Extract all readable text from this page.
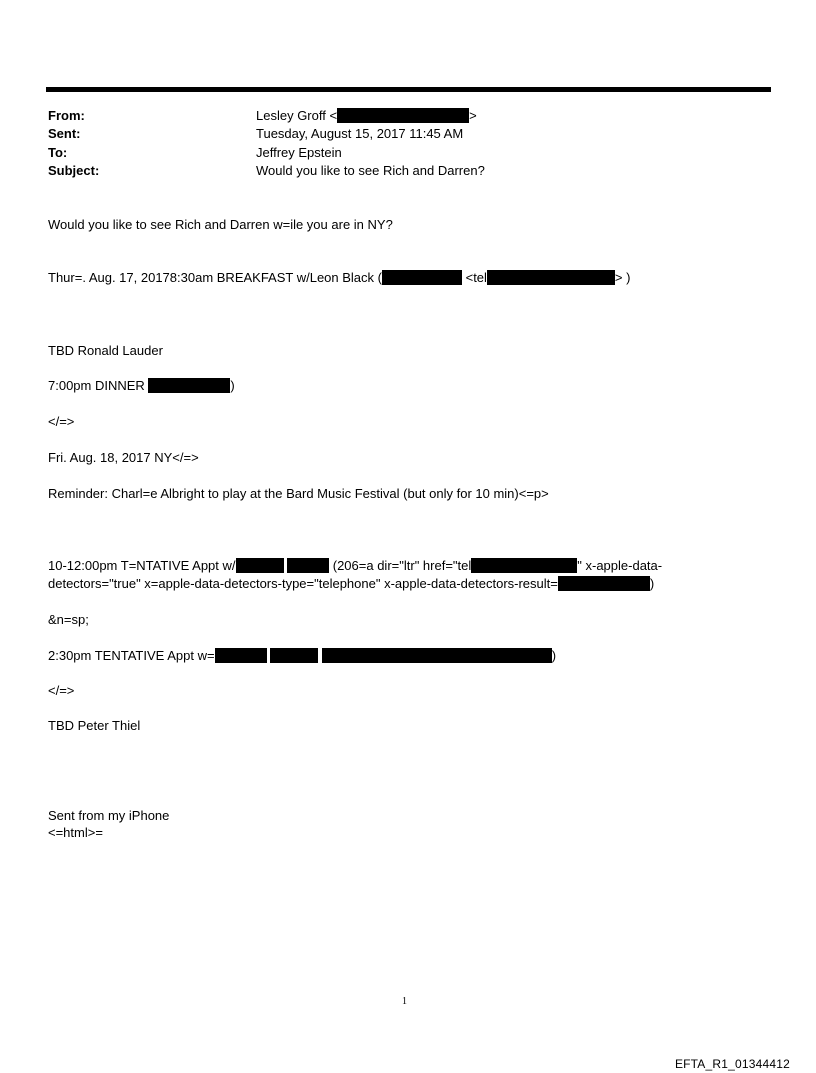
From:	Lesley Groff <	>
Sent:	Tuesday, August 15, 2017 11:45 AM
To:	Jeffrey Epstein
Subject:	Would you like to see Rich and Darren?
Would you like to see Rich and Darren w=ile you are in NY?
Thur=. Aug. 17, 20178:30am BREAKFAST w/Leon Black (	<tel	> )
TBD Ronald Lauder
7:00pm DINNER	)
</=>
Fri. Aug. 18, 2017 NY</=>
Reminder: Charl=e Albright to play at the Bard Music Festival (but only for 10 min)<=p>
10-12:00pm T=NTATIVE Appt w/	(206=a dir="ltr" href="tel	" x-apple-data-
detectors="true" x=apple-data-detectors-type="telephone" x-apple-data-detectors-result=	)
&n=sp;
2:30pm TENTATIVE Appt w=	)
</=>
TBD Peter Thiel
Sent from my iPhone
<=html>=
1
EFTA_R1_01344412
